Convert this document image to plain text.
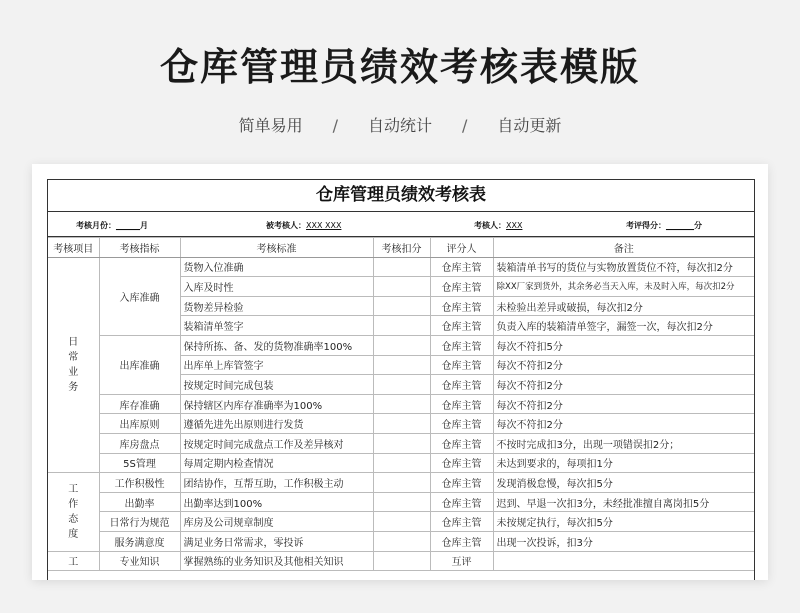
仓库管理员绩效考核表模版
简单易用 / 自动统计 / 自动更新
仓库管理员绩效考核表
考核月份：______月	被考核人：XXX XXX	考核人：XXX	考评得分：_______分
考核项目	考核指标	考核标准	考核扣分	评分人	备注

日
常
业
务	入库准确	货物入位准确		仓库主管	装箱清单书写的货位与实物放置货位不符，每次扣2分
		入库及时性		仓库主管	除XX厂家到货外，其余务必当天入库，未及时入库，每次扣2分
		货物差异检验		仓库主管	未检验出差异或破损，每次扣2分
		装箱清单签字		仓库主管	负责入库的装箱清单签字，漏签一次，每次扣2分
	出库准确	保持所拣、备、发的货物准确率100%		仓库主管	每次不符扣5分
		出库单上库管签字		仓库主管	每次不符扣2分
		按规定时间完成包装		仓库主管	每次不符扣2分
	库存准确	保持辖区内库存准确率为100%		仓库主管	每次不符扣2分
	出库原则	遵循先进先出原则进行发货		仓库主管	每次不符扣2分
	库房盘点	按规定时间完成盘点工作及差异核对		仓库主管	不按时完成扣3分，出现一项错误扣2分；
	5S管理	每周定期内检查情况		仓库主管	未达到要求的，每项扣1分

工
作
态
度	工作积极性	团结协作，互帮互助，工作积极主动		仓库主管	发现消极怠慢，每次扣5分
	出勤率	出勤率达到100%		仓库主管	迟到、早退一次扣3分，未经批准擅自离岗扣5分
	日常行为规范	库房及公司规章制度		仓库主管	未按规定执行，每次扣5分
	服务满意度	满足业务日常需求，零投诉		仓库主管	出现一次投诉，扣3分

工	专业知识	掌握熟练的业务知识及其他相关知识		互评	
